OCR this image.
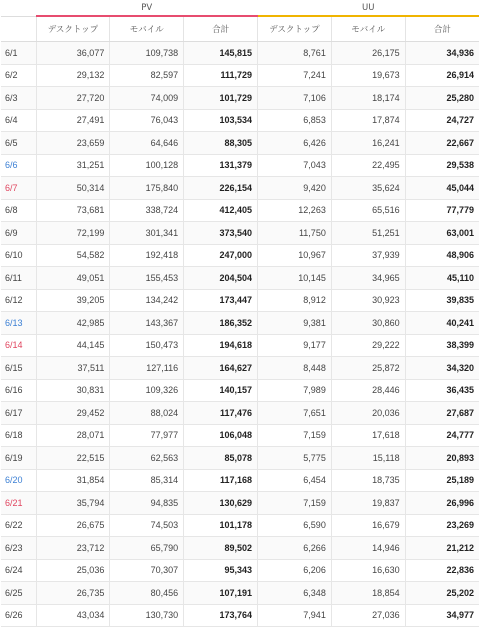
	PV			UU		
	デスクトップ	モバイル	合計	デスクトップ	モバイル	合計
6/1	36,077	109,738	145,815	8,761	26,175	34,936
6/2	29,132	82,597	111,729	7,241	19,673	26,914
6/3	27,720	74,009	101,729	7,106	18,174	25,280
6/4	27,491	76,043	103,534	6,853	17,874	24,727
6/5	23,659	64,646	88,305	6,426	16,241	22,667
6/6	31,251	100,128	131,379	7,043	22,495	29,538
6/7	50,314	175,840	226,154	9,420	35,624	45,044
6/8	73,681	338,724	412,405	12,263	65,516	77,779
6/9	72,199	301,341	373,540	11,750	51,251	63,001
6/10	54,582	192,418	247,000	10,967	37,939	48,906
6/11	49,051	155,453	204,504	10,145	34,965	45,110
6/12	39,205	134,242	173,447	8,912	30,923	39,835
6/13	42,985	143,367	186,352	9,381	30,860	40,241
6/14	44,145	150,473	194,618	9,177	29,222	38,399
6/15	37,511	127,116	164,627	8,448	25,872	34,320
6/16	30,831	109,326	140,157	7,989	28,446	36,435
6/17	29,452	88,024	117,476	7,651	20,036	27,687
6/18	28,071	77,977	106,048	7,159	17,618	24,777
6/19	22,515	62,563	85,078	5,775	15,118	20,893
6/20	31,854	85,314	117,168	6,454	18,735	25,189
6/21	35,794	94,835	130,629	7,159	19,837	26,996
6/22	26,675	74,503	101,178	6,590	16,679	23,269
6/23	23,712	65,790	89,502	6,266	14,946	21,212
6/24	25,036	70,307	95,343	6,206	16,630	22,836
6/25	26,735	80,456	107,191	6,348	18,854	25,202
6/26	43,034	130,730	173,764	7,941	27,036	34,977
